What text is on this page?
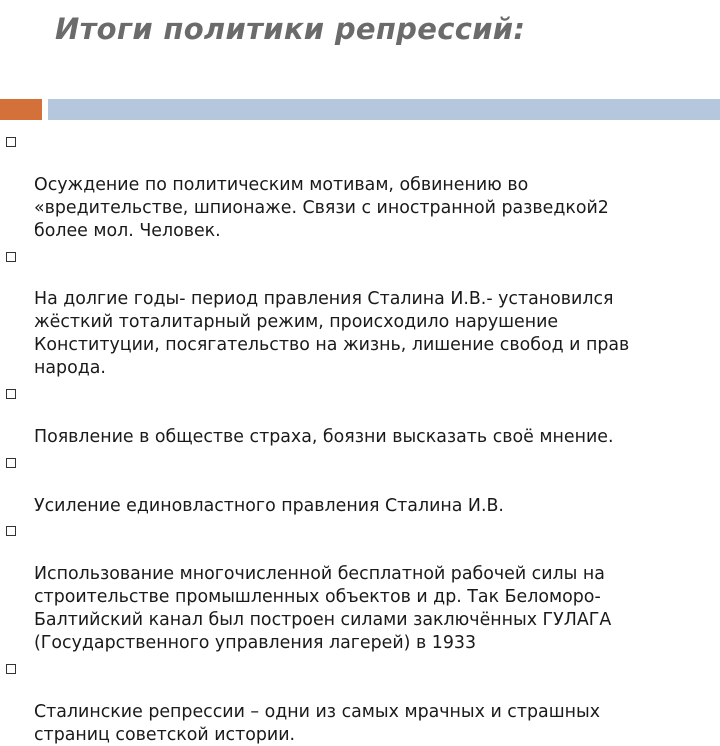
Итоги политики репрессий:

Осуждение по политическим мотивам, обвинению во
«вредительстве, шпионаже. Связи с иностранной разведкой2
более мол. Человек.

На долгие годы- период правления Сталина И.В.- установился
жёсткий тоталитарный режим, происходило нарушение
Конституции, посягательство на жизнь, лишение свобод и прав
народа.

Появление в обществе страха, боязни высказать своё мнение.

Усиление единовластного правления Сталина И.В.

Использование многочисленной бесплатной рабочей силы на
строительстве промышленных объектов и др. Так Беломоро-
Балтийский канал был построен силами заключённых ГУЛАГА
(Государственного управления лагерей) в 1933

Сталинские репрессии – одни из самых мрачных и страшных
страниц советской истории.
